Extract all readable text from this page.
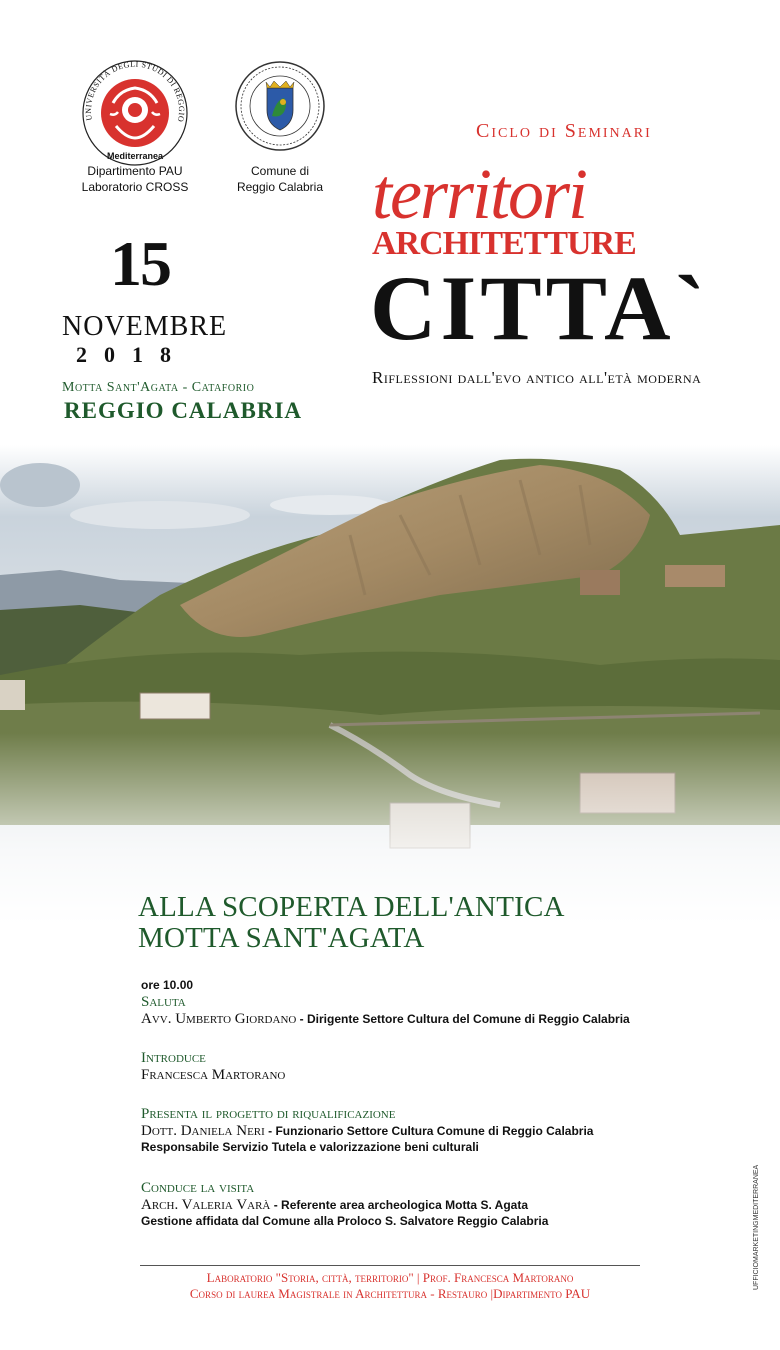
Mediterranea
UNIVERSITÀ DEGLI STUDI DI REGGIO
Dipartimento PAU
Laboratorio CROSS
Comune di
Reggio Calabria
15
NOVEMBRE
2018
Motta Sant'Agata - Cataforio
REGGIO CALABRIA
Ciclo di Seminari
territori
ARCHITETTURE
CITTA`
Riflessioni dall'evo antico all'età moderna
ALLA SCOPERTA DELL'ANTICA
MOTTA SANT'AGATA
ore 10.00
Saluta
Avv. Umberto Giordano - Dirigente Settore Cultura del Comune di Reggio Calabria
Introduce
Francesca Martorano
Presenta il progetto di riqualificazione
Dott. Daniela Neri - Funzionario Settore Cultura Comune di Reggio Calabria
Responsabile Servizio Tutela e valorizzazione beni culturali
Conduce la visita
Arch. Valeria Varà - Referente area archeologica Motta S. Agata
Gestione affidata dal Comune alla Proloco S. Salvatore Reggio Calabria
Laboratorio "Storia, città, territorio" | Prof. Francesca Martorano
Corso di laurea Magistrale in Architettura - Restauro |Dipartimento PAU
UFFICIOMARKETINGMEDITERRANEA
